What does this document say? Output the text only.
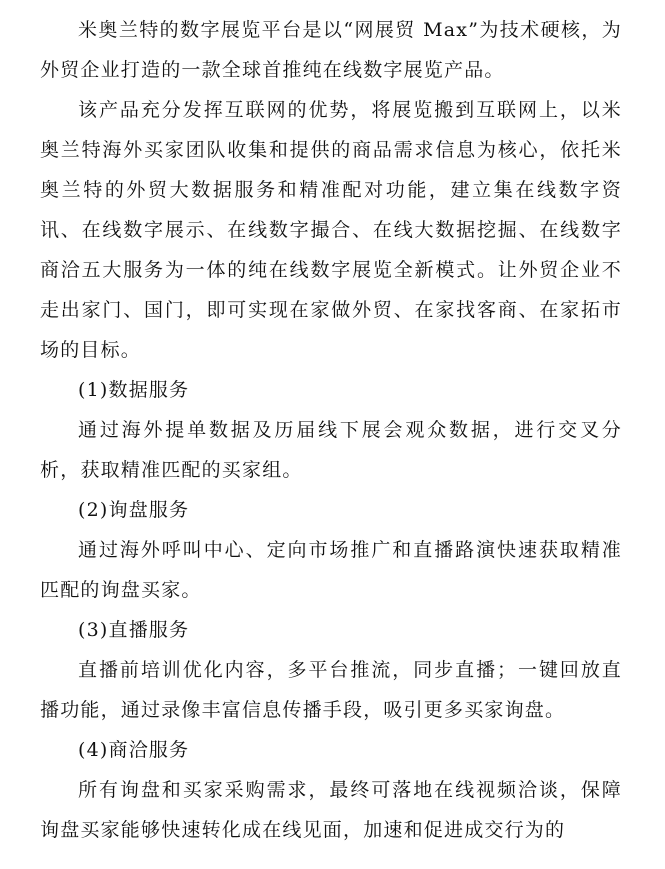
米奥兰特的数字展览平台是以“网展贸 Max”为技术硬核，为外贸企业打造的一款全球首推纯在线数字展览产品。

该产品充分发挥互联网的优势，将展览搬到互联网上，以米奥兰特海外买家团队收集和提供的商品需求信息为核心，依托米奥兰特的外贸大数据服务和精准配对功能，建立集在线数字资讯、在线数字展示、在线数字撮合、在线大数据挖掘、在线数字商洽五大服务为一体的纯在线数字展览全新模式。让外贸企业不走出家门、国门，即可实现在家做外贸、在家找客商、在家拓市场的目标。

(1)数据服务

通过海外提单数据及历届线下展会观众数据，进行交叉分析，获取精准匹配的买家组。

(2)询盘服务

通过海外呼叫中心、定向市场推广和直播路演快速获取精准匹配的询盘买家。

(3)直播服务

直播前培训优化内容，多平台推流，同步直播；一键回放直播功能，通过录像丰富信息传播手段，吸引更多买家询盘。

(4)商洽服务

所有询盘和买家采购需求，最终可落地在线视频洽谈，保障询盘买家能够快速转化成在线见面，加速和促进成交行为的
